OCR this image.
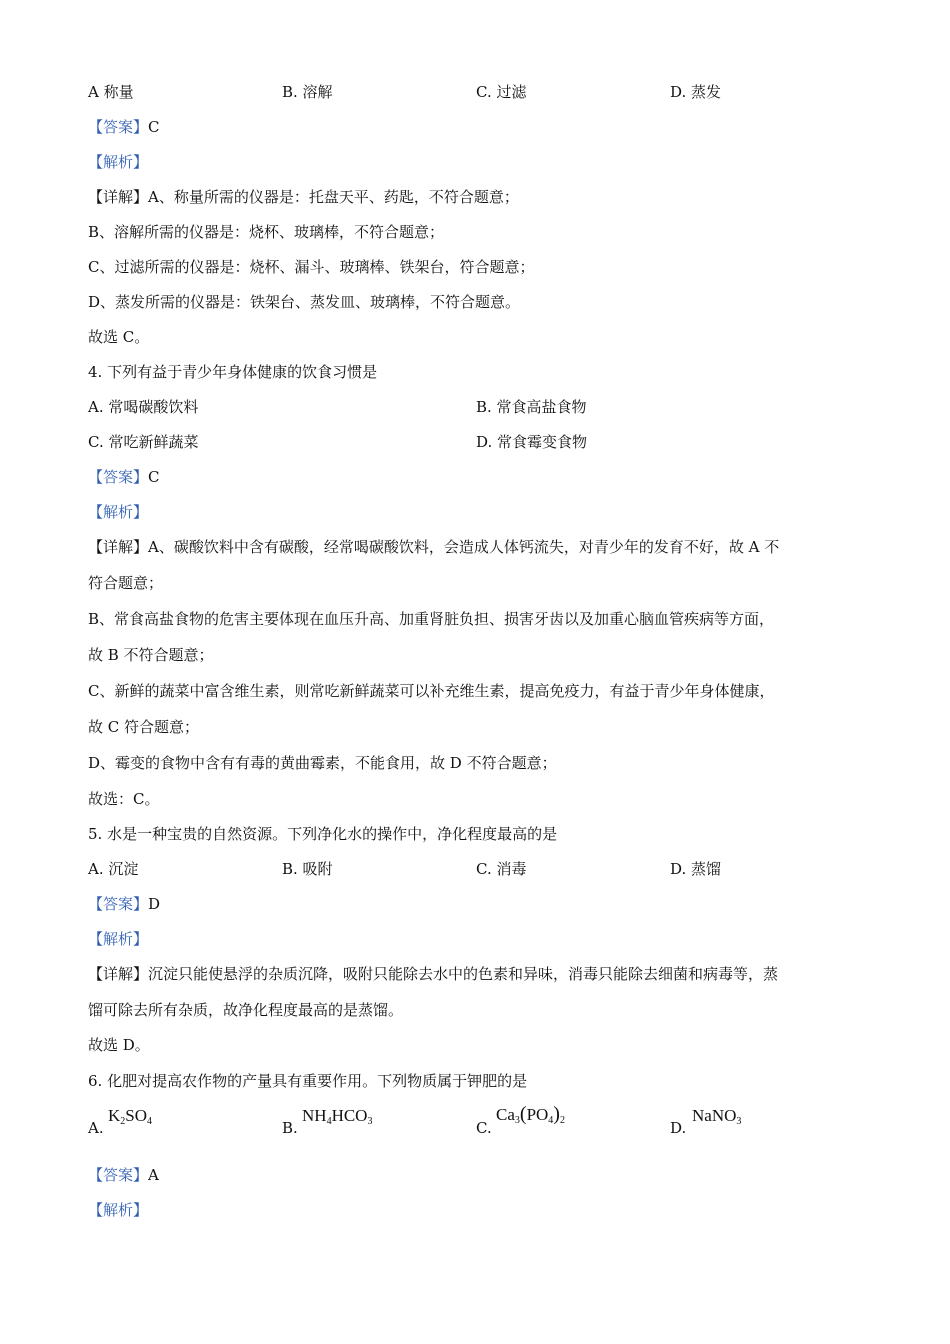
A 称量	B. 溶解	C. 过滤	D. 蒸发
【答案】C
【解析】
【详解】A、称量所需的仪器是：托盘天平、药匙，不符合题意；
B、溶解所需的仪器是：烧杯、玻璃棒，不符合题意；
C、过滤所需的仪器是：烧杯、漏斗、玻璃棒、铁架台，符合题意；
D、蒸发所需的仪器是：铁架台、蒸发皿、玻璃棒，不符合题意。
故选 C。
4. 下列有益于青少年身体健康的饮食习惯是
A. 常喝碳酸饮料	B. 常食高盐食物
C. 常吃新鲜蔬菜	D. 常食霉变食物
【答案】C
【解析】
【详解】A、碳酸饮料中含有碳酸，经常喝碳酸饮料，会造成人体钙流失，对青少年的发育不好，故 A 不
符合题意；
B、常食高盐食物的危害主要体现在血压升高、加重肾脏负担、损害牙齿以及加重心脑血管疾病等方面，
故 B 不符合题意；
C、新鲜的蔬菜中富含维生素，则常吃新鲜蔬菜可以补充维生素，提高免疫力，有益于青少年身体健康，
故 C 符合题意；
D、霉变的食物中含有有毒的黄曲霉素，不能食用，故 D 不符合题意；
故选：C。
5. 水是一种宝贵的自然资源。下列净化水的操作中，净化程度最高的是
A. 沉淀	B. 吸附	C. 消毒	D. 蒸馏
【答案】D
【解析】
【详解】沉淀只能使悬浮的杂质沉降，吸附只能除去水中的色素和异味，消毒只能除去细菌和病毒等，蒸
馏可除去所有杂质，故净化程度最高的是蒸馏。
故选 D。
6. 化肥对提高农作物的产量具有重要作用。下列物质属于钾肥的是
A.
$K_2SO_4$	B.
$NH_4HCO_3$	C.
$Ca_3(PO_4)_2$	D.
NaNO$_3$
【答案】A
【解析】
